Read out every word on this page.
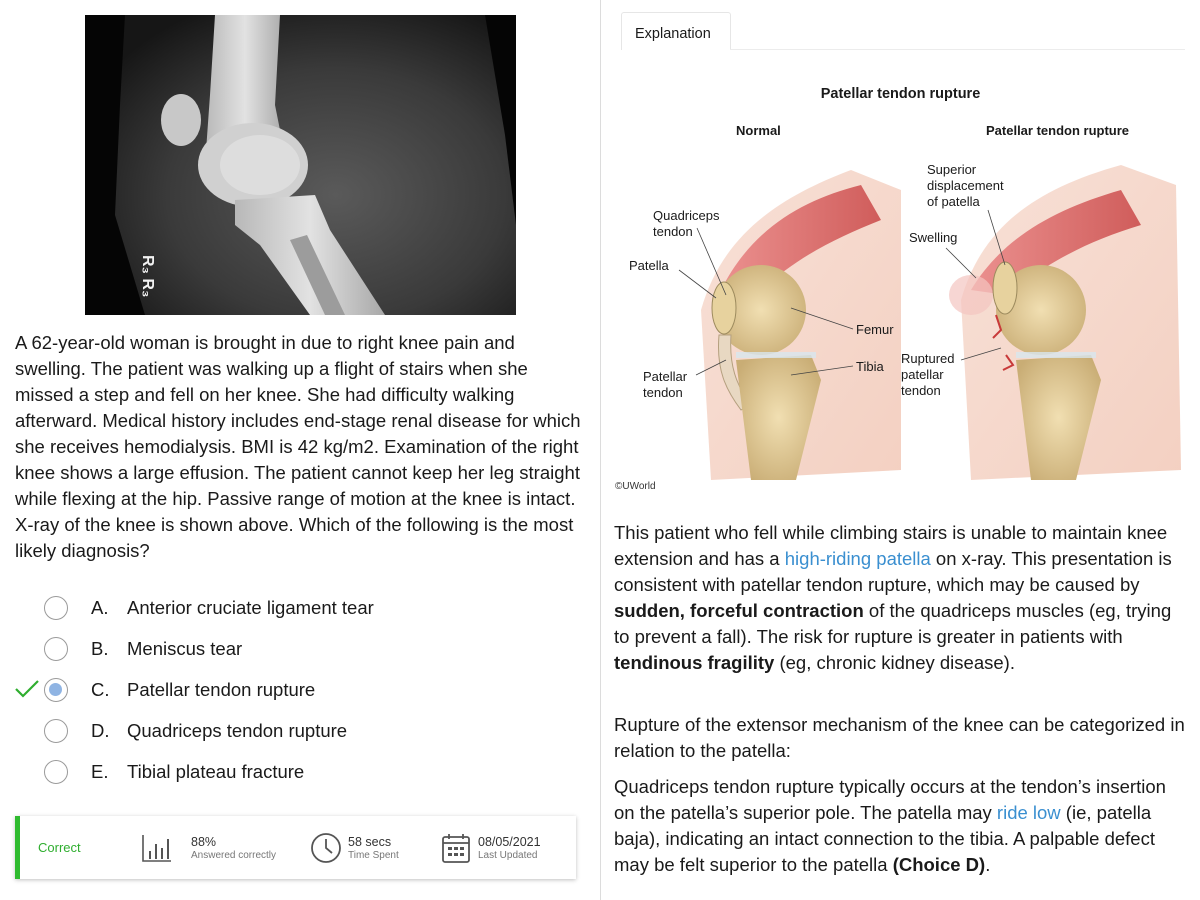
R₃ R₃
A 62-year-old woman is brought in due to right knee pain and swelling. The patient was walking up a flight of stairs when she missed a step and fell on her knee. She had difficulty walking afterward. Medical history includes end-stage renal disease for which she receives hemodialysis. BMI is 42 kg/m2. Examination of the right knee shows a large effusion. The patient cannot keep her leg straight while flexing at the hip. Passive range of motion at the knee is intact. X-ray of the knee is shown above. Which of the following is the most likely diagnosis?
A. Anterior cruciate ligament tear
B. Meniscus tear
C. Patellar tendon rupture
D. Quadriceps tendon rupture
E. Tibial plateau fracture
Correct	88%
Answered correctly
58 secs
Time Spent
08/05/2021
Last Updated
Explanation
Patellar tendon rupture
Normal	Patellar tendon rupture
Quadriceps
tendon
Patella
Femur
Tibia
Patellar
tendon
Superior
displacement
of patella
Swelling
Ruptured
patellar
tendon
©UWorld
This patient who fell while climbing stairs is unable to maintain knee extension and has a high-riding patella on x-ray. This presentation is consistent with patellar tendon rupture, which may be caused by sudden, forceful contraction of the quadriceps muscles (eg, trying to prevent a fall). The risk for rupture is greater in patients with tendinous fragility (eg, chronic kidney disease).
Rupture of the extensor mechanism of the knee can be categorized in relation to the patella:
Quadriceps tendon rupture typically occurs at the tendon’s insertion on the patella’s superior pole. The patella may ride low (ie, patella baja), indicating an intact connection to the tibia. A palpable defect may be felt superior to the patella (Choice D).
